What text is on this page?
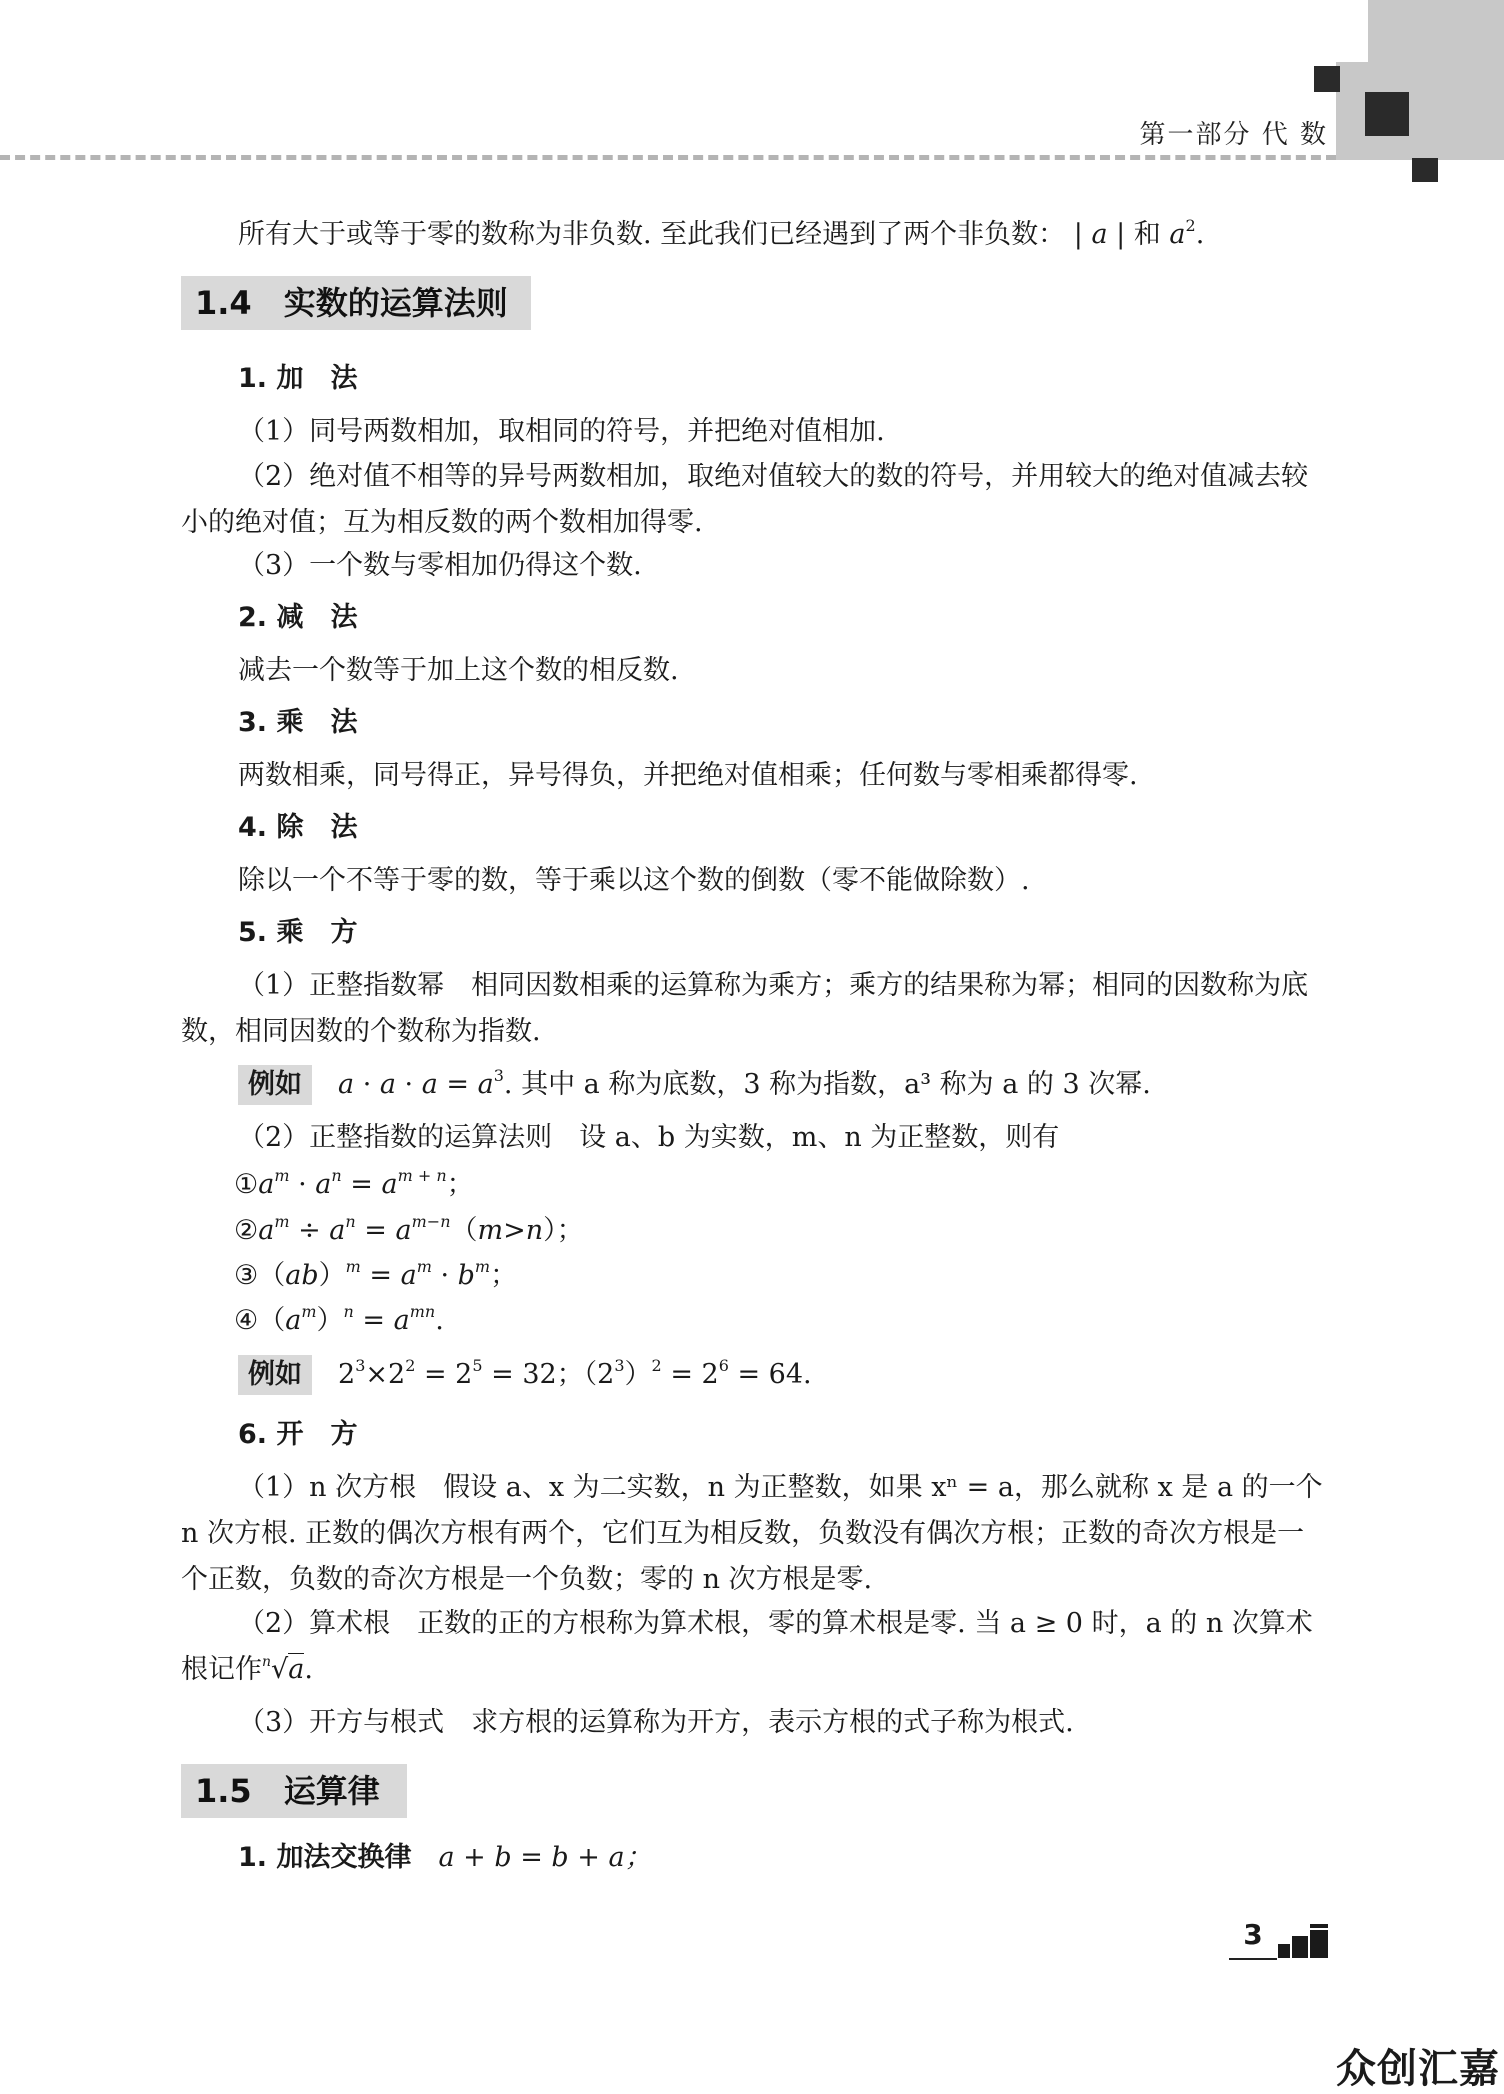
第一部分 代 数
所有大于或等于零的数称为非负数. 至此我们已经遇到了两个非负数： | a | 和 $a^2$.
1.4　实数的运算法则
1. 加　法
（1）同号两数相加，取相同的符号，并把绝对值相加.
（2）绝对值不相等的异号两数相加，取绝对值较大的数的符号，并用较大的绝对值减去较小的绝对值；互为相反数的两个数相加得零.
（3）一个数与零相加仍得这个数.
2. 减　法
减去一个数等于加上这个数的相反数.
3. 乘　法
两数相乘，同号得正，异号得负，并把绝对值相乘；任何数与零相乘都得零.
4. 除　法
除以一个不等于零的数，等于乘以这个数的倒数（零不能做除数）.
5. 乘　方
（1）正整指数幂　相同因数相乘的运算称为乘方；乘方的结果称为幂；相同的因数称为底数，相同因数的个数称为指数.
例如 $a \cdot a \cdot a = a^3$. 其中 a 称为底数，3 称为指数，a³ 称为 a 的 3 次幂.
（2）正整指数的运算法则　设 a、b 为实数，m、n 为正整数，则有
$①a^m \cdot a^n = a^{m + n}$；
$②a^m \div a^n = a^{m-n}(m>n)$；
③（ab）$^m$ = $a^m \cdot b^m$；
$④(a^m)^n = a^{mn}$.
例如 $2^3\times 2^2 = 2^5 = 32$；$(2^3)^2 = 2^6 = 64$.
6. 开　方
（1）n 次方根　假设 a、x 为二实数，n 为正整数，如果 xⁿ = a，那么就称 x 是 a 的一个 n 次方根. 正数的偶次方根有两个，它们互为相反数，负数没有偶次方根；正数的奇次方根是一个正数，负数的奇次方根是一个负数；零的 n 次方根是零.
（2）算术根　正数的正的方根称为算术根，零的算术根是零. 当 a ≥ 0 时，a 的 n 次算术根记作$^n$√a.
（3）开方与根式　求方根的运算称为开方，表示方根的式子称为根式.
1.5　运算律
1. 加法交换律　 a + b = b + a；
3
众创汇嘉
